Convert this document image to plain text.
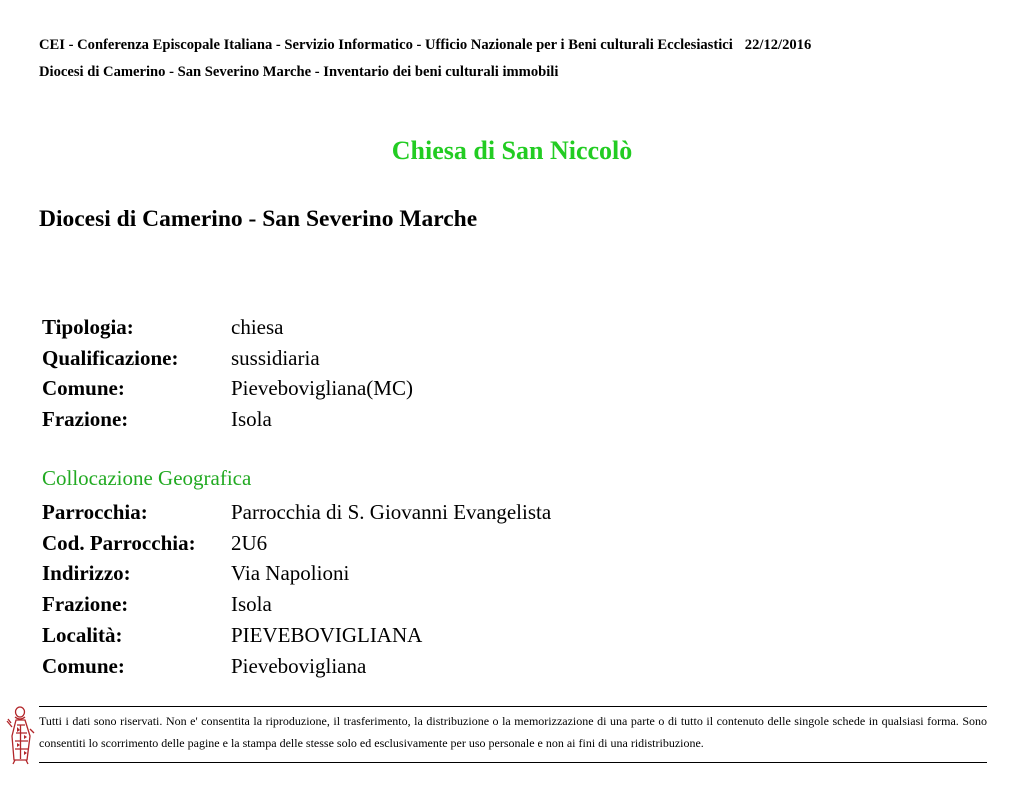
CEI - Conferenza Episcopale Italiana - Servizio Informatico - Ufficio Nazionale per i Beni culturali Ecclesiastici 22/12/2016
Diocesi di Camerino - San Severino Marche - Inventario dei beni culturali immobili
Chiesa di San Niccolò
Diocesi di Camerino - San Severino Marche
Tipologia:	chiesa
Qualificazione:	sussidiaria
Comune:	Pievebovigliana(MC)
Frazione:	Isola
Collocazione Geografica
Parrocchia:	Parrocchia di S. Giovanni Evangelista
Cod. Parrocchia:	2U6
Indirizzo:	Via Napolioni
Frazione:	Isola
Località:	PIEVEBOVIGLIANA
Comune:	Pievebovigliana
Tutti i dati sono riservati. Non e' consentita la riproduzione, il trasferimento, la distribuzione o la memorizzazione di una parte o di tutto il contenuto delle singole schede in qualsiasi forma. Sono consentiti lo scorrimento delle pagine e la stampa delle stesse solo ed esclusivamente per uso personale e non ai fini di una ridistribuzione.
